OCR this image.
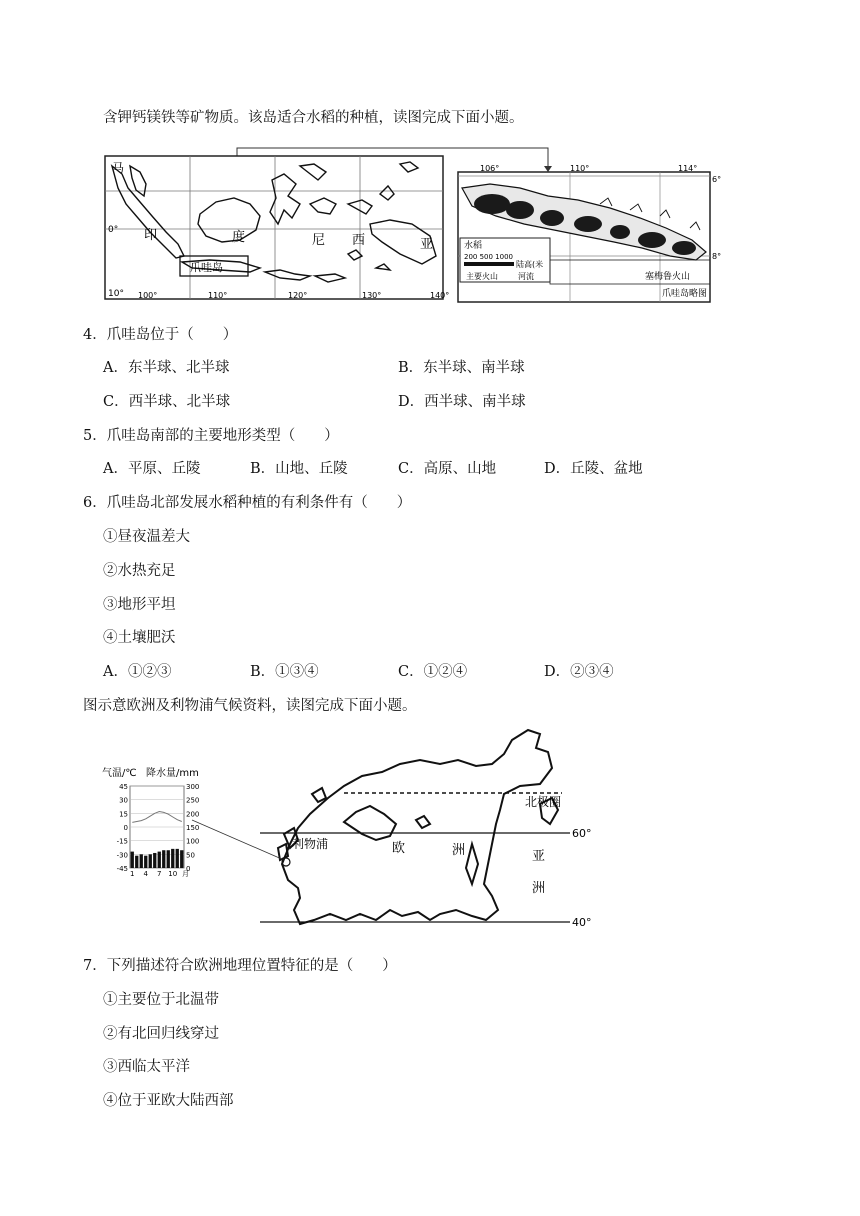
含钾钙镁铁等矿物质。该岛适合水稻的种植，读图完成下面小题。
马
0°
10°
印	度	尼 西	亚
爪哇岛
100°	110°	120°	130°	140°
水稻
200 500 1000
陆高(米
主要火山	河流	塞梅鲁火山
爪哇岛略图
106°	110°	114°
6°
8°
4．爪哇岛位于（　　）
A．东半球、北半球	B．东半球、南半球
C．西半球、北半球	D．西半球、南半球
5．爪哇岛南部的主要地形类型（　　）
A．平原、丘陵	B．山地、丘陵	C．高原、山地	D．丘陵、盆地
6．爪哇岛北部发展水稻种植的有利条件有（　　）
①昼夜温差大
②水热充足
③地形平坦
④土壤肥沃
A．①②③	B．①③④	C．①②④	D．②③④
图示意欧洲及利物浦气候资料，读图完成下面小题。
气温/℃ 降水量/mm
45
30
15
0
-15
-30
-45
300
250
200
150
100
50
0
1 4 7 10 月
北极圈
60°
40°
利物浦	欧	洲	亚
洲
7．下列描述符合欧洲地理位置特征的是（　　）
①主要位于北温带
②有北回归线穿过
③西临太平洋
④位于亚欧大陆西部
